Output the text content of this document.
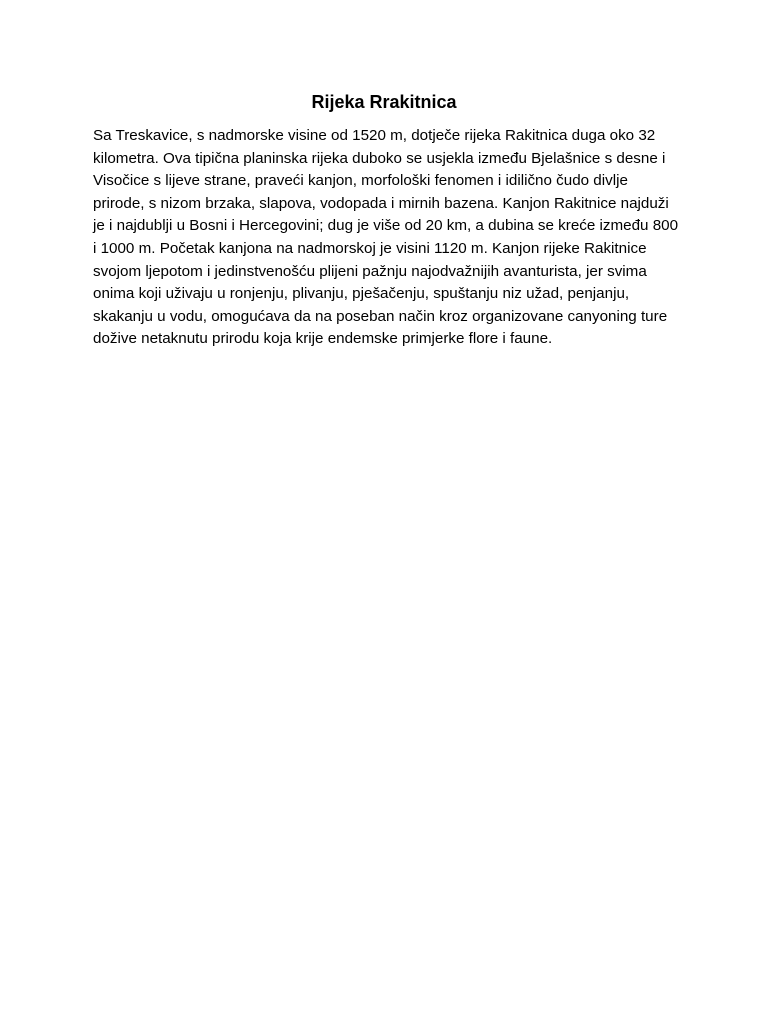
Rijeka Rrakitnica

Sa Treskavice, s nadmorske visine od 1520 m, dotječe rijeka Rakitnica duga oko 32 kilometra. Ova tipična planinska rijeka duboko se usjekla između Bjelašnice s desne i Visočice s lijeve strane, praveći kanjon, morfološki fenomen i idilično čudo divlje prirode, s nizom brzaka, slapova, vodopada i mirnih bazena. Kanjon Rakitnice najduži je i najdublji u Bosni i Hercegovini; dug je više od 20 km, a dubina se kreće između 800 i 1000 m. Početak kanjona na nadmorskoj je visini 1120 m. Kanjon rijeke Rakitnice svojom ljepotom i jedinstvenošću plijeni pažnju najodvažnijih avanturista, jer svima onima koji uživaju u ronjenju, plivanju, pješačenju, spuštanju niz užad, penjanju, skakanju u vodu, omogućava da na poseban način kroz organizovane canyoning ture dožive netaknutu prirodu koja krije endemske primjerke flore i faune.
